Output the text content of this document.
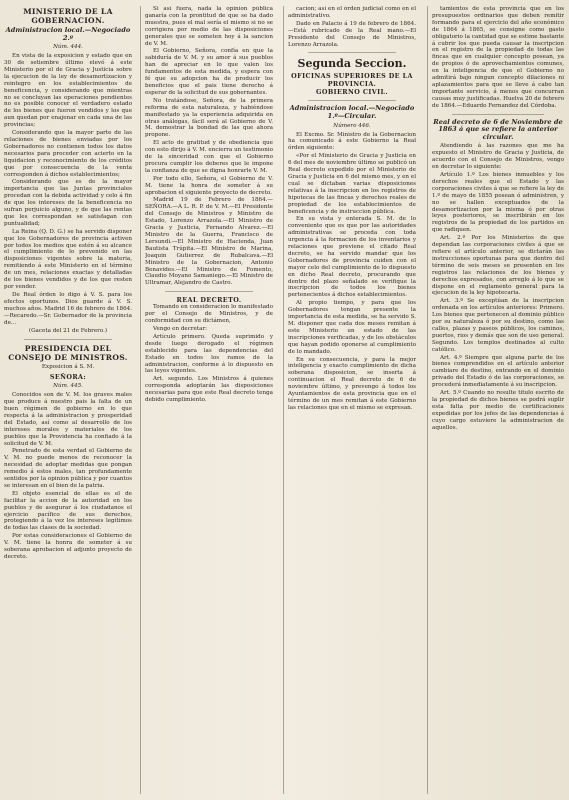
MINISTERIO DE LA GOBERNACION.
Administracion local.—Negociado 2.º
Núm. 444.

En vista de la exposicion y estado que en 30 de setiembre último elevó á este Ministerio por el de Gracia y Justicia sobre la ejecucion de la ley de desamortizacion y reintegro en los establecimientos de beneficencia, y considerando que mientras no se concluyan las operaciones pendientes no es posible conocer el verdadero estado de los bienes que fueron vendidos y los que aun quedan por enajenar en cada una de las provincias;

Considerando que la mayor parte de las relaciones de bienes enviadas por los Gobernadores no contienen todos los datos necesarios para proceder con acierto en la liquidacion y reconocimiento de los créditos que por consecuencia de la venta corresponden á dichos establecimientos;

Considerando que es de la mayor importancia que las Juntas provinciales procedan con la debida actividad y celo á fin de que los intereses de la beneficencia no sufran perjuicio alguno, y de que las rentas que les correspondan se satisfagan con puntualidad;

La Reina (Q. D. G.) se ha servido disponer que los Gobernadores de provincia activen por todos los medios que estén á su alcance el cumplimiento de lo prevenido en las disposiciones vigentes sobre la materia, remitiendo á este Ministerio en el término de un mes, relaciones exactas y detalladas de los bienes vendidos y de los que resten por vender.

De Real órden lo digo á V. S. para los efectos oportunos. Dios guarde á V. S. muchos años. Madrid 16 de febrero de 1864.—Recaredo.—Sr. Gobernador de la provincia de...

(Gaceta del 21 de Febrero.)
PRESIDENCIA DEL CONSEJO DE MINISTROS.
Exposicion á S. M.
SEÑORA:
Núm. 445.

Conocidos son de V. M. los graves males que produce á nuestro pais la falta de un buen régimen de gobierno en lo que respecta á la administracion y prosperidad del Estado, así como al desarrollo de los intereses morales y materiales de los pueblos que la Providencia ha confiado á la solicitud de V. M.

Penetrado de esta verdad el Gobierno de V. M. no puede menos de reconocer la necesidad de adoptar medidas que pongan remedio á estos males, tan profundamente sentidos por la opinion pública y por cuantos se interesan en el bien de la patria.

El objeto esencial de ellas es el de facilitar la accion de la autoridad en los pueblos y de asegurar á los ciudadanos el ejercicio pacífico de sus derechos, protegiendo á la vez los intereses legítimos de todas las clases de la sociedad.

Por estas consideraciones el Gobierno de V. M. tiene la honra de someter á su soberana aprobacion el adjunto proyecto de decreto.

Si así fuera, nada la opinion pública ganaría con la prontitud de que se ha dado muestra, pues el mal sería el mismo si no se corrigiera por medio de las disposiciones generales que se someten hoy á la sancion de V. M.

El Gobierno, Señora, confía en que la sabiduría de V. M. y su amor á sus pueblos han de apreciar en lo que valen los fundamentos de esta medida, y espera con fé que su adopcion ha de producir los beneficios que el pais tiene derecho á esperar de la solicitud de sus gobernantes.

No tratándose, Señora, de la primera reforma de esta naturaleza, y habiéndose manifestado ya la experiencia adquirida en otras análogas, fácil será al Gobierno de V. M. demostrar la bondad de las que ahora propone.

El acto de gratitud y de obediencia que con esto dirijo á V. M. encierra un testimonio de la sinceridad con que el Gobierno procura cumplir los deberes que le impone la confianza de que se digna honrarle V. M.

Por todo ello, Señora, el Gobierno de V. M. tiene la honra de someter á su aprobacion el siguiente proyecto de decreto.

Madrid 19 de Febrero de 1864.—SEÑORA.—A L. R. P. de V. M.—El Presidente del Consejo de Ministros y Ministro de Estado, Lorenzo Arrazola.—El Ministro de Gracia y Justicia, Fernando Alvarez.—El Ministro de la Guerra, Francisco de Lersundi.—El Ministro de Hacienda, Juan Bautista Trúpita.—El Ministro de Marina, Joaquin Gutierrez de Rubalcava.—El Ministro de la Gobernacion, Antonio Benavides.—El Ministro de Fomento, Claudio Moyano Samaniego.—El Ministro de Ultramar, Alejandro de Castro.

REAL DECRETO.

Tomando en consideracion lo manifestado por el Consejo de Ministros, y de conformidad con su dictámen,

Vengo en decretar:

Artículo primero. Queda suprimido y desde luego derogado el régimen establecido para las dependencias del Estado en todos los ramos de la administracion, conforme á lo dispuesto en las leyes vigentes.

Art. segundo. Los Ministros á quienes corresponda adoptarán las disposiciones necesarias para que este Real decreto tenga debido cumplimiento.

cacion; así en el órden judicial como en el administrativo.

Dado en Palacio á 19 de febrero de 1864.—Está rubricado de la Real mano.—El Presidente del Consejo de Ministros, Lorenzo Arrazola.

Segunda Seccion.
OFICINAS SUPERIORES DE LA PROVINCIA.
GOBIERNO CIVIL.
Administracion local.—Negociado 1.º—Circular.
Número 446.

El Excmo. Sr. Ministro de la Gobernacion ha comunicado á este Gobierno la Real órden siguiente:

«Por el Ministerio de Gracia y Justicia en 6 del mes de noviembre último se publicó un Real decreto expedido por el Ministerio de Gracia y Justicia en 6 del mismo mes, y en el cual se dictaban varias disposiciones relativas á la inscripcion en los registros de hipotecas de las fincas y derechos reales de propiedad de los establecimientos de beneficencia y de instruccion pública.

En su vista y enterada S. M. de lo conveniente que es que por las autoridades administrativas se proceda con toda urgencia á la formacion de los inventarios y relaciones que previene el citado Real decreto, se ha servido mandar que los Gobernadores de provincia cuiden con el mayor celo del cumplimiento de lo dispuesto en dicho Real decreto, procurando que dentro del plazo señalado se verifique la inscripcion de todos los bienes pertenecientes á dichos establecimientos.

Al propio tiempo, y para que los Gobernadores tengan presente la importancia de esta medida, se ha servido S. M. disponer que cada dos meses remitan á este Ministerio un estado de las inscripciones verificadas, y de los obstáculos que hayan podido oponerse al cumplimiento de lo mandado.

En su consecuencia, y para la mejor inteligencia y exacto cumplimiento de dicha soberana disposicion, se inserta á continuacion el Real decreto de 6 de noviembre último, y prevengo á todos los Ayuntamientos de esta provincia que en el término de un mes remitan á este Gobierno las relaciones que en el mismo se expresan.

tamientos de esta provincia que en los presupuestos ordinarios que deben remitir formando para el ejercicio del año económico de 1864 á 1865, se consigne como gasto obligatorio la cantidad que se estime bastante á cubrir los que pueda causar la inscripcion en el registro de la propiedad de todas las fincas que en cualquier concepto posean, ya de propios ó de aprovechamientos comunes, en la inteligencia de que el Gobierno no admitirá bajo ningun concepto dilaciones ni aplazamientos para que se lleve á cabo tan importante servicio, á menos que concurran causas muy justificadas. Huelva 20 de febrero de 1864.—Eduardo Fernandez del Córdoba.

Real decreto de 6 de Noviembre de 1863 á que se refiere la anterior circular.

Atendiendo á las razones que me ha expuesto el Ministro de Gracia y Justicia, de acuerdo con el Consejo de Ministros, vengo en decretar lo siguiente:

Artículo 1.º Los bienes inmuebles y los derechos reales que el Estado y las corporaciones civiles á que se refiere la ley de 1.º de mayo de 1855 posean ó administren, y no se hallen exceptuados de la desamortizacion por la misma ó por otras leyes posteriores, se inscribirán en los registros de la propiedad de los partidos en que radiquen.

Art. 2.º Por los Ministerios de que dependan las corporaciones civiles á que se refiere el artículo anterior, se dictarán las instrucciones oportunas para que dentro del término de seis meses se presenten en los registros las relaciones de los bienes y derechos expresados, con arreglo á lo que se dispone en el reglamento general para la ejecucion de la ley hipotecaria.

Art. 3.º Se exceptúan de la inscripcion ordenada en los artículos anteriores: Primero. Los bienes que pertenecen al dominio público por su naturaleza ó por su destino, como las calles, plazas y paseos públicos, los caminos, puertos, rios y demás que son de uso general. Segundo. Los templos destinados al culto católico.

Art. 4.º Siempre que alguna parte de los bienes comprendidos en el artículo anterior cambiare de destino, entrando en el dominio privado del Estado ó de las corporaciones, se procederá inmediatamente á su inscripcion.

Art. 5.º Cuando no resulte titulo escrito de la propiedad de dichos bienes se podrá suplir esta falta por medio de certificaciones expedidas por los jefes de las dependencias á cuyo cargo estuviere la administracion de aquellos.
